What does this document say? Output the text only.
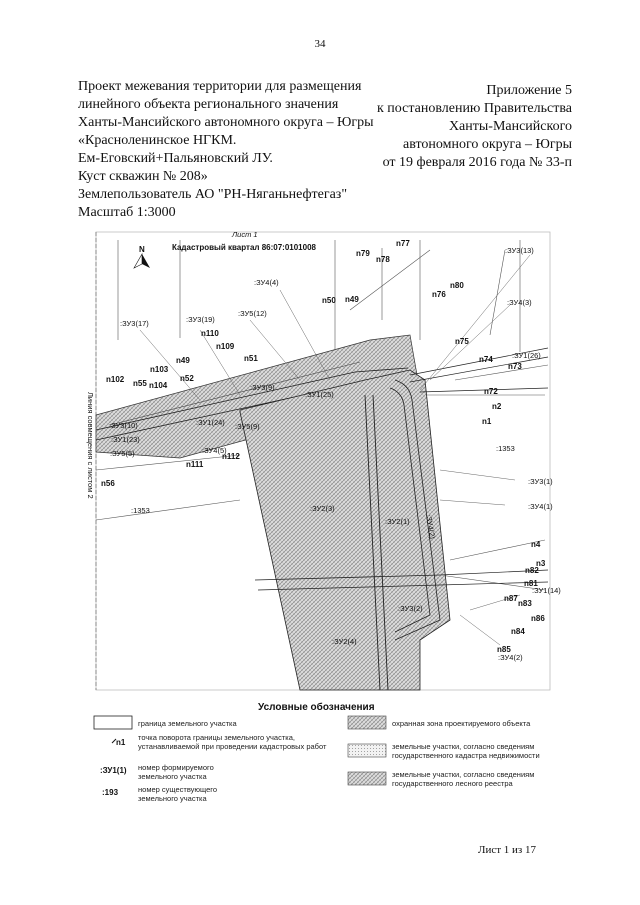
34
Проект межевания территории для размещения
линейного объекта регионального значения
Ханты-Мансийского автономного округа – Югры
«Красноленинское НГКМ.
Ем-Еговский+Пальяновский ЛУ.
Куст скважин № 208»
Землепользователь АО "РН-Няганьнефтегаз"
Масштаб 1:3000
Приложение 5
к постановлению Правительства
Ханты-Мансийского
автономного округа – Югры
от 19 февраля 2016 года № 33-п
N
Лист 1
Кадастровый квартал 86:07:0101008
Линия совмещения с листом 2
:ЗУ3(13)
:ЗУ4(4)
:ЗУ4(3)
:ЗУ5(12)
:ЗУ3(17)	:ЗУ3(19)
:ЗУ1(26)
:ЗУ3(9)
:ЗУ1(25)
:ЗУ3(10)	:ЗУ1(24) :ЗУ5(9)
:ЗУ1(23)
:ЗУ5(5)	:ЗУ4(5)	:1353
:ЗУ3(1)
:ЗУ4(1)
:1353	:ЗУ2(3)
:ЗУ2(1) :ЗУ4(2)
:ЗУ1(14)
:ЗУ3(2)
:ЗУ2(4)
:ЗУ4(2)
n77
n78
n79
n80
n76
n50 n49
n75
n74
n73
n72
n2
n1
n110
n109
n51
n49
n103
n52
n55 n104
n102
n111
n112
n56
n4
n3
n82
n81
n83
n87
n86
n84
n85
Условные обозначения
граница земельного участка
n1
точка поворота границы земельного участка, устанавливаемой при проведении кадастровых работ
:ЗУ1(1) номер формируемого земельного участка
:193	номер существующего земельного участка
охранная зона проектируемого объекта
земельные участки, согласно сведениям государственного кадастра недвижимости
земельные участки, согласно сведениям государственного лесного реестра
Лист 1 из 17
